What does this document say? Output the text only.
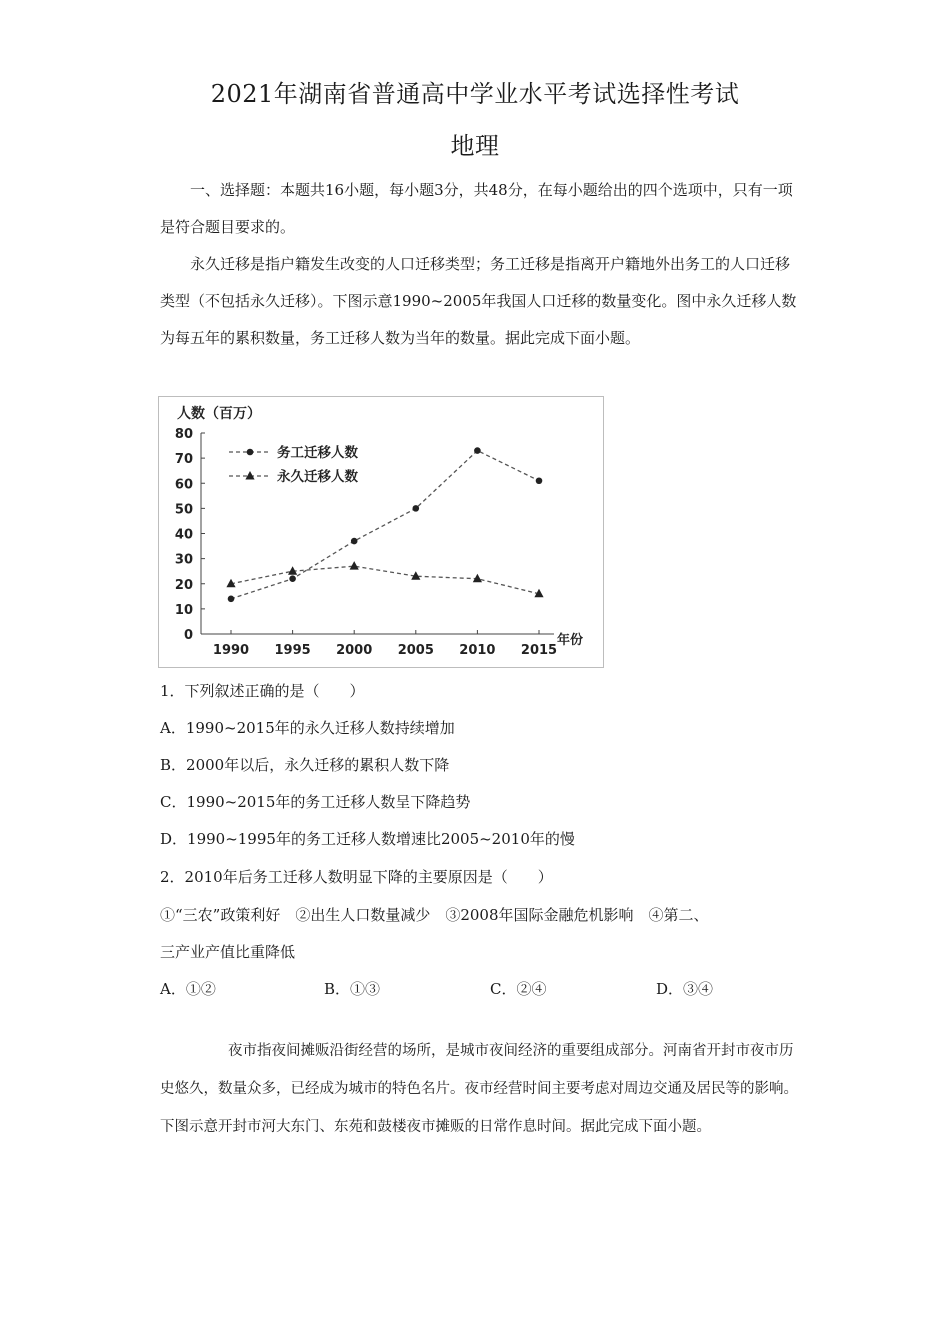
2021年湖南省普通高中学业水平考试选择性考试
地理

一、选择题：本题共16小题，每小题3分，共48分，在每小题给出的四个选项中，只有一项是符合题目要求的。

永久迁移是指户籍发生改变的人口迁移类型；务工迁移是指离开户籍地外出务工的人口迁移类型（不包括永久迁移）。下图示意1990~2005年我国人口迁移的数量变化。图中永久迁移人数为每五年的累积数量，务工迁移人数为当年的数量。据此完成下面小题。

人数（百万）
年份
0
10
20
30
40
50
60
70
80
1990 1995 2000 2005 2010 2015
务工迁移人数
永久迁移人数
1．下列叙述正确的是（　　）
A．1990~2015年的永久迁移人数持续增加
B．2000年以后，永久迁移的累积人数下降
C．1990~2015年的务工迁移人数呈下降趋势
D．1990~1995年的务工迁移人数增速比2005~2010年的慢
2．2010年后务工迁移人数明显下降的主要原因是（　　）
①“三农”政策利好　②出生人口数量减少　③2008年国际金融危机影响　④第二、
三产业产值比重降低
A．①②	B．①③	C．②④	D．③④

夜市指夜间摊贩沿街经营的场所，是城市夜间经济的重要组成部分。河南省开封市夜市历史悠久，数量众多，已经成为城市的特色名片。夜市经营时间主要考虑对周边交通及居民等的影响。下图示意开封市河大东门、东苑和鼓楼夜市摊贩的日常作息时间。据此完成下面小题。
